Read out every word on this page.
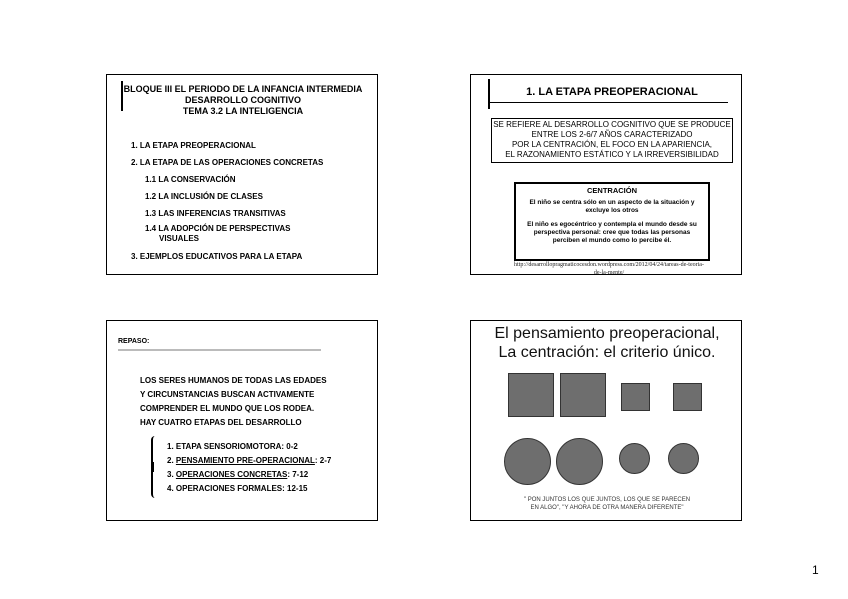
BLOQUE III EL PERIODO DE LA INFANCIA INTERMEDIA
DESARROLLO COGNITIVO
TEMA 3.2 LA INTELIGENCIA
1. LA ETAPA PREOPERACIONAL
2. LA ETAPA DE LAS OPERACIONES CONCRETAS
1.1 LA CONSERVACIÓN
1.2 LA INCLUSIÓN DE CLASES
1.3 LAS INFERENCIAS TRANSITIVAS
1.4 LA ADOPCIÓN DE PERSPECTIVAS
VISUALES
3. EJEMPLOS EDUCATIVOS PARA LA ETAPA
1. LA ETAPA PREOPERACIONAL
SE REFIERE AL DESARROLLO COGNITIVO QUE SE PRODUCE
ENTRE LOS 2-6/7 AÑOS CARACTERIZADO
POR LA CENTRACIÓN, EL FOCO EN LA APARIENCIA,
EL RAZONAMIENTO ESTÁTICO Y LA IRREVERSIBILIDAD
CENTRACIÓN
El niño se centra sólo en un aspecto de la situación y excluye los otros
El niño es egocéntrico y contempla el mundo desde su perspectiva personal: cree que todas las personas perciben el mundo como lo percibe él.
http://desarrollopragmaticocesdon.wordpress.com/2012/04/24/tareas-de-teoria-
de-la-mente/
REPASO:
LOS SERES HUMANOS DE TODAS LAS EDADES
Y CIRCUNSTANCIAS BUSCAN ACTIVAMENTE
COMPRENDER EL MUNDO QUE LOS RODEA.
HAY CUATRO ETAPAS DEL DESARROLLO
1. ETAPA SENSORIOMOTORA: 0-2
2. PENSAMIENTO PRE-OPERACIONAL: 2-7
3. OPERACIONES CONCRETAS: 7-12
4. OPERACIONES FORMALES: 12-15
El pensamiento preoperacional,
La centración: el criterio único.
" PON JUNTOS LOS QUE JUNTOS, LOS QUE SE PARECEN
EN ALGO", "Y AHORA DE OTRA MANERA DIFERENTE"
1
